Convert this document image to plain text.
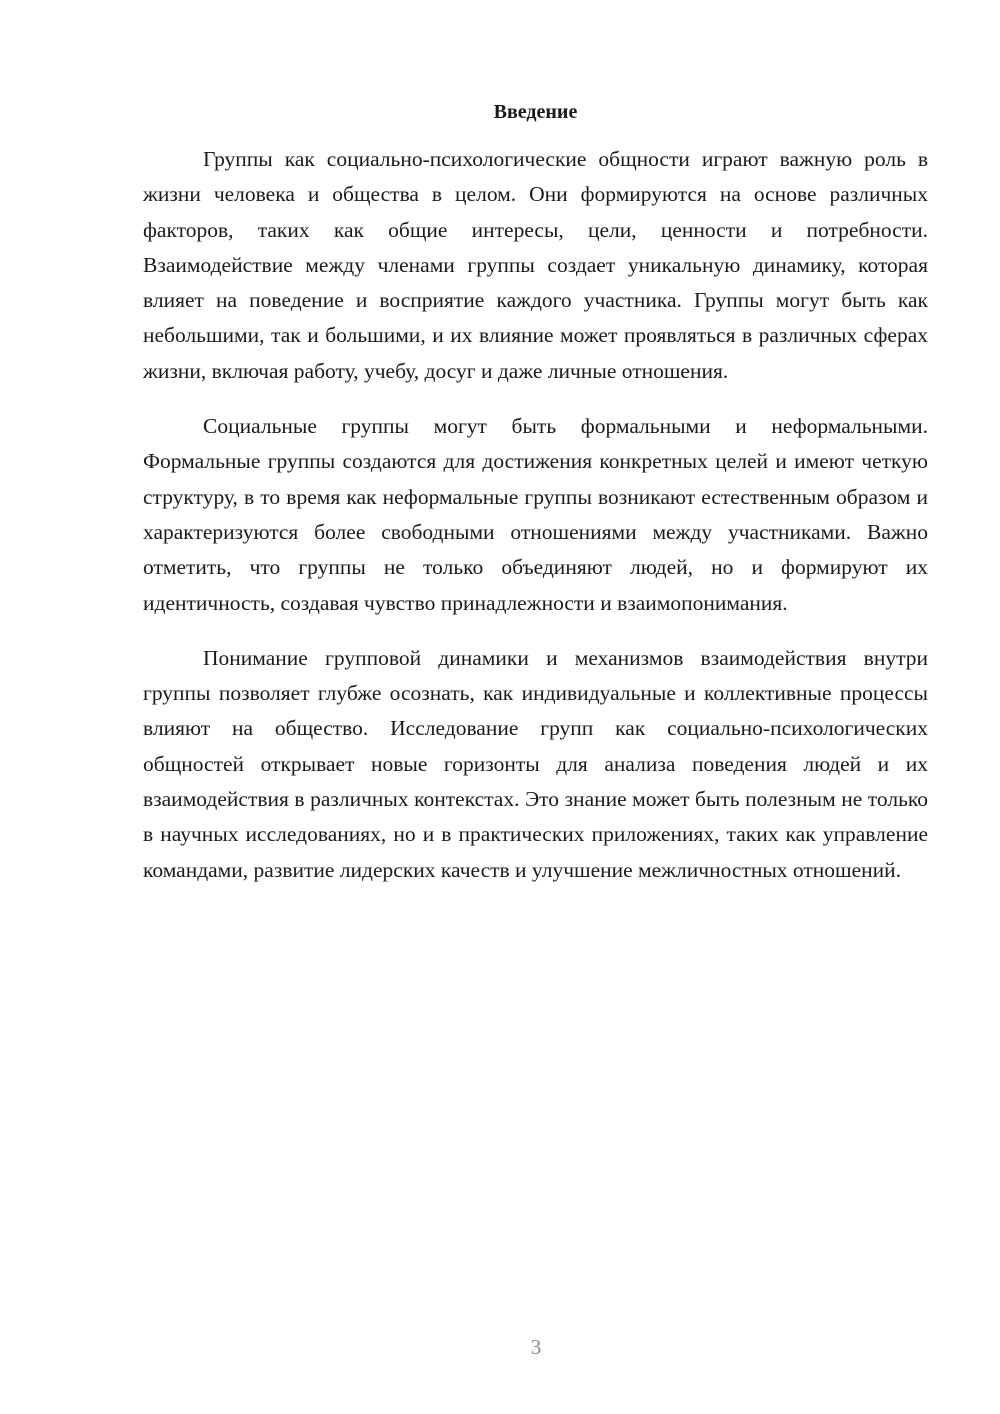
Введение

Группы как социально-психологические общности играют важную роль в жизни человека и общества в целом. Они формируются на основе различных факторов, таких как общие интересы, цели, ценности и потребности. Взаимодействие между членами группы создает уникальную динамику, которая влияет на поведение и восприятие каждого участника. Группы могут быть как небольшими, так и большими, и их влияние может проявляться в различных сферах жизни, включая работу, учебу, досуг и даже личные отношения.

Социальные группы могут быть формальными и неформальными. Формальные группы создаются для достижения конкретных целей и имеют четкую структуру, в то время как неформальные группы возникают естественным образом и характеризуются более свободными отношениями между участниками. Важно отметить, что группы не только объединяют людей, но и формируют их идентичность, создавая чувство принадлежности и взаимопонимания.

Понимание групповой динамики и механизмов взаимодействия внутри группы позволяет глубже осознать, как индивидуальные и коллективные процессы влияют на общество. Исследование групп как социально-психологических общностей открывает новые горизонты для анализа поведения людей и их взаимодействия в различных контекстах. Это знание может быть полезным не только в научных исследованиях, но и в практических приложениях, таких как управление командами, развитие лидерских качеств и улучшение межличностных отношений.

3
